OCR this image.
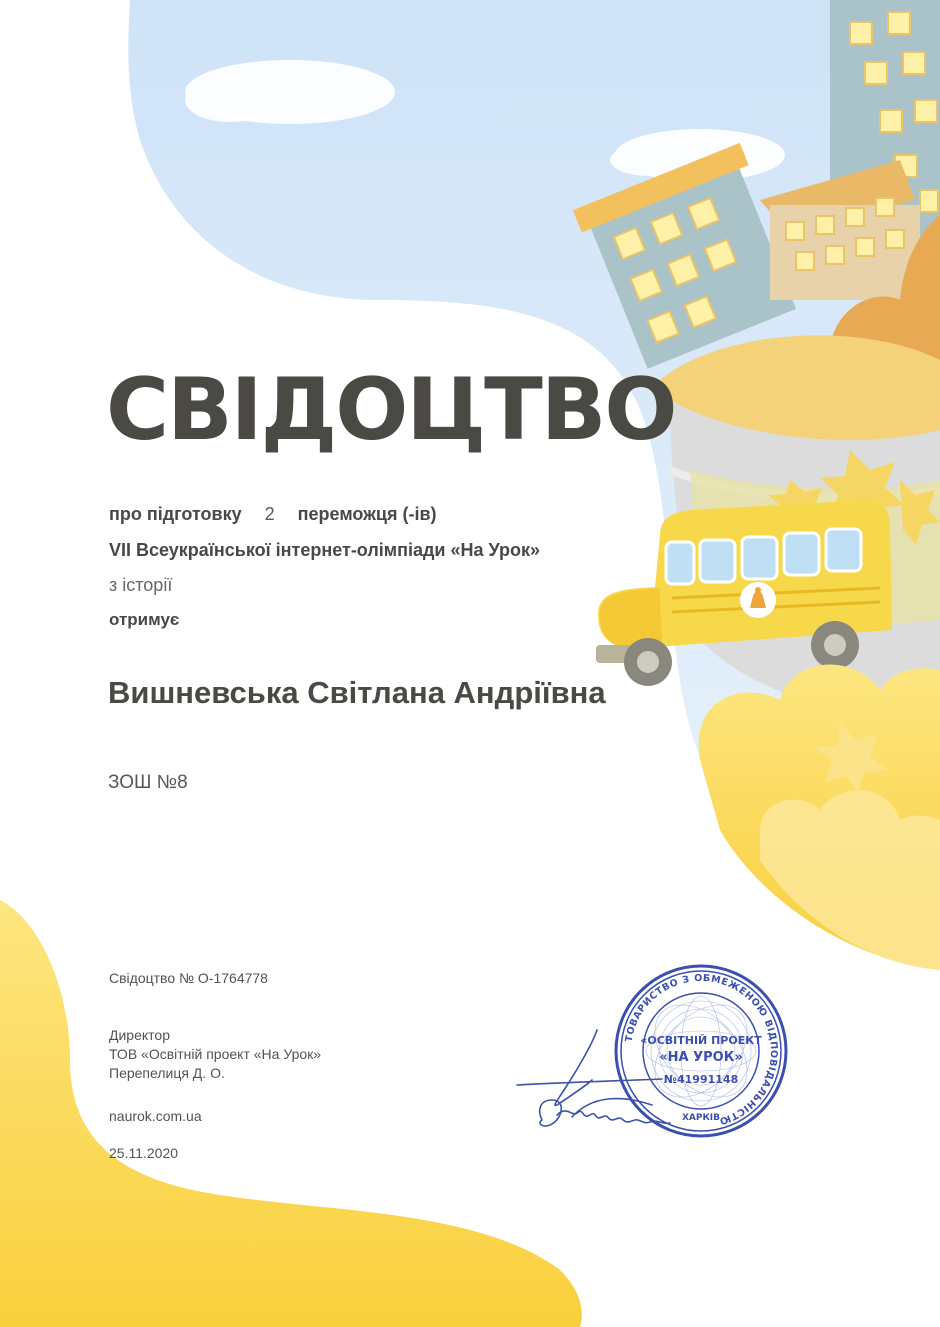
СВІДОЦТВО
про підготовку 2 переможця (-ів)
VII Всеукраїнської інтернет-олімпіади «На Урок»
з історії
отримує
Вишневська Світлана Андріївна
ЗОШ №8
Свідоцтво № О-1764778
Директор
ТОВ «Освітній проект «На Урок»
Перепелиця Д. О.
naurok.com.ua
25.11.2020
ТОВАРИСТВО З ОБМЕЖЕНОЮ ВІДПОВІДАЛЬНІСТЮ
«ОСВІТНІЙ ПРОЕКТ
«НА УРОК»
№41991148
ХАРКІВ
